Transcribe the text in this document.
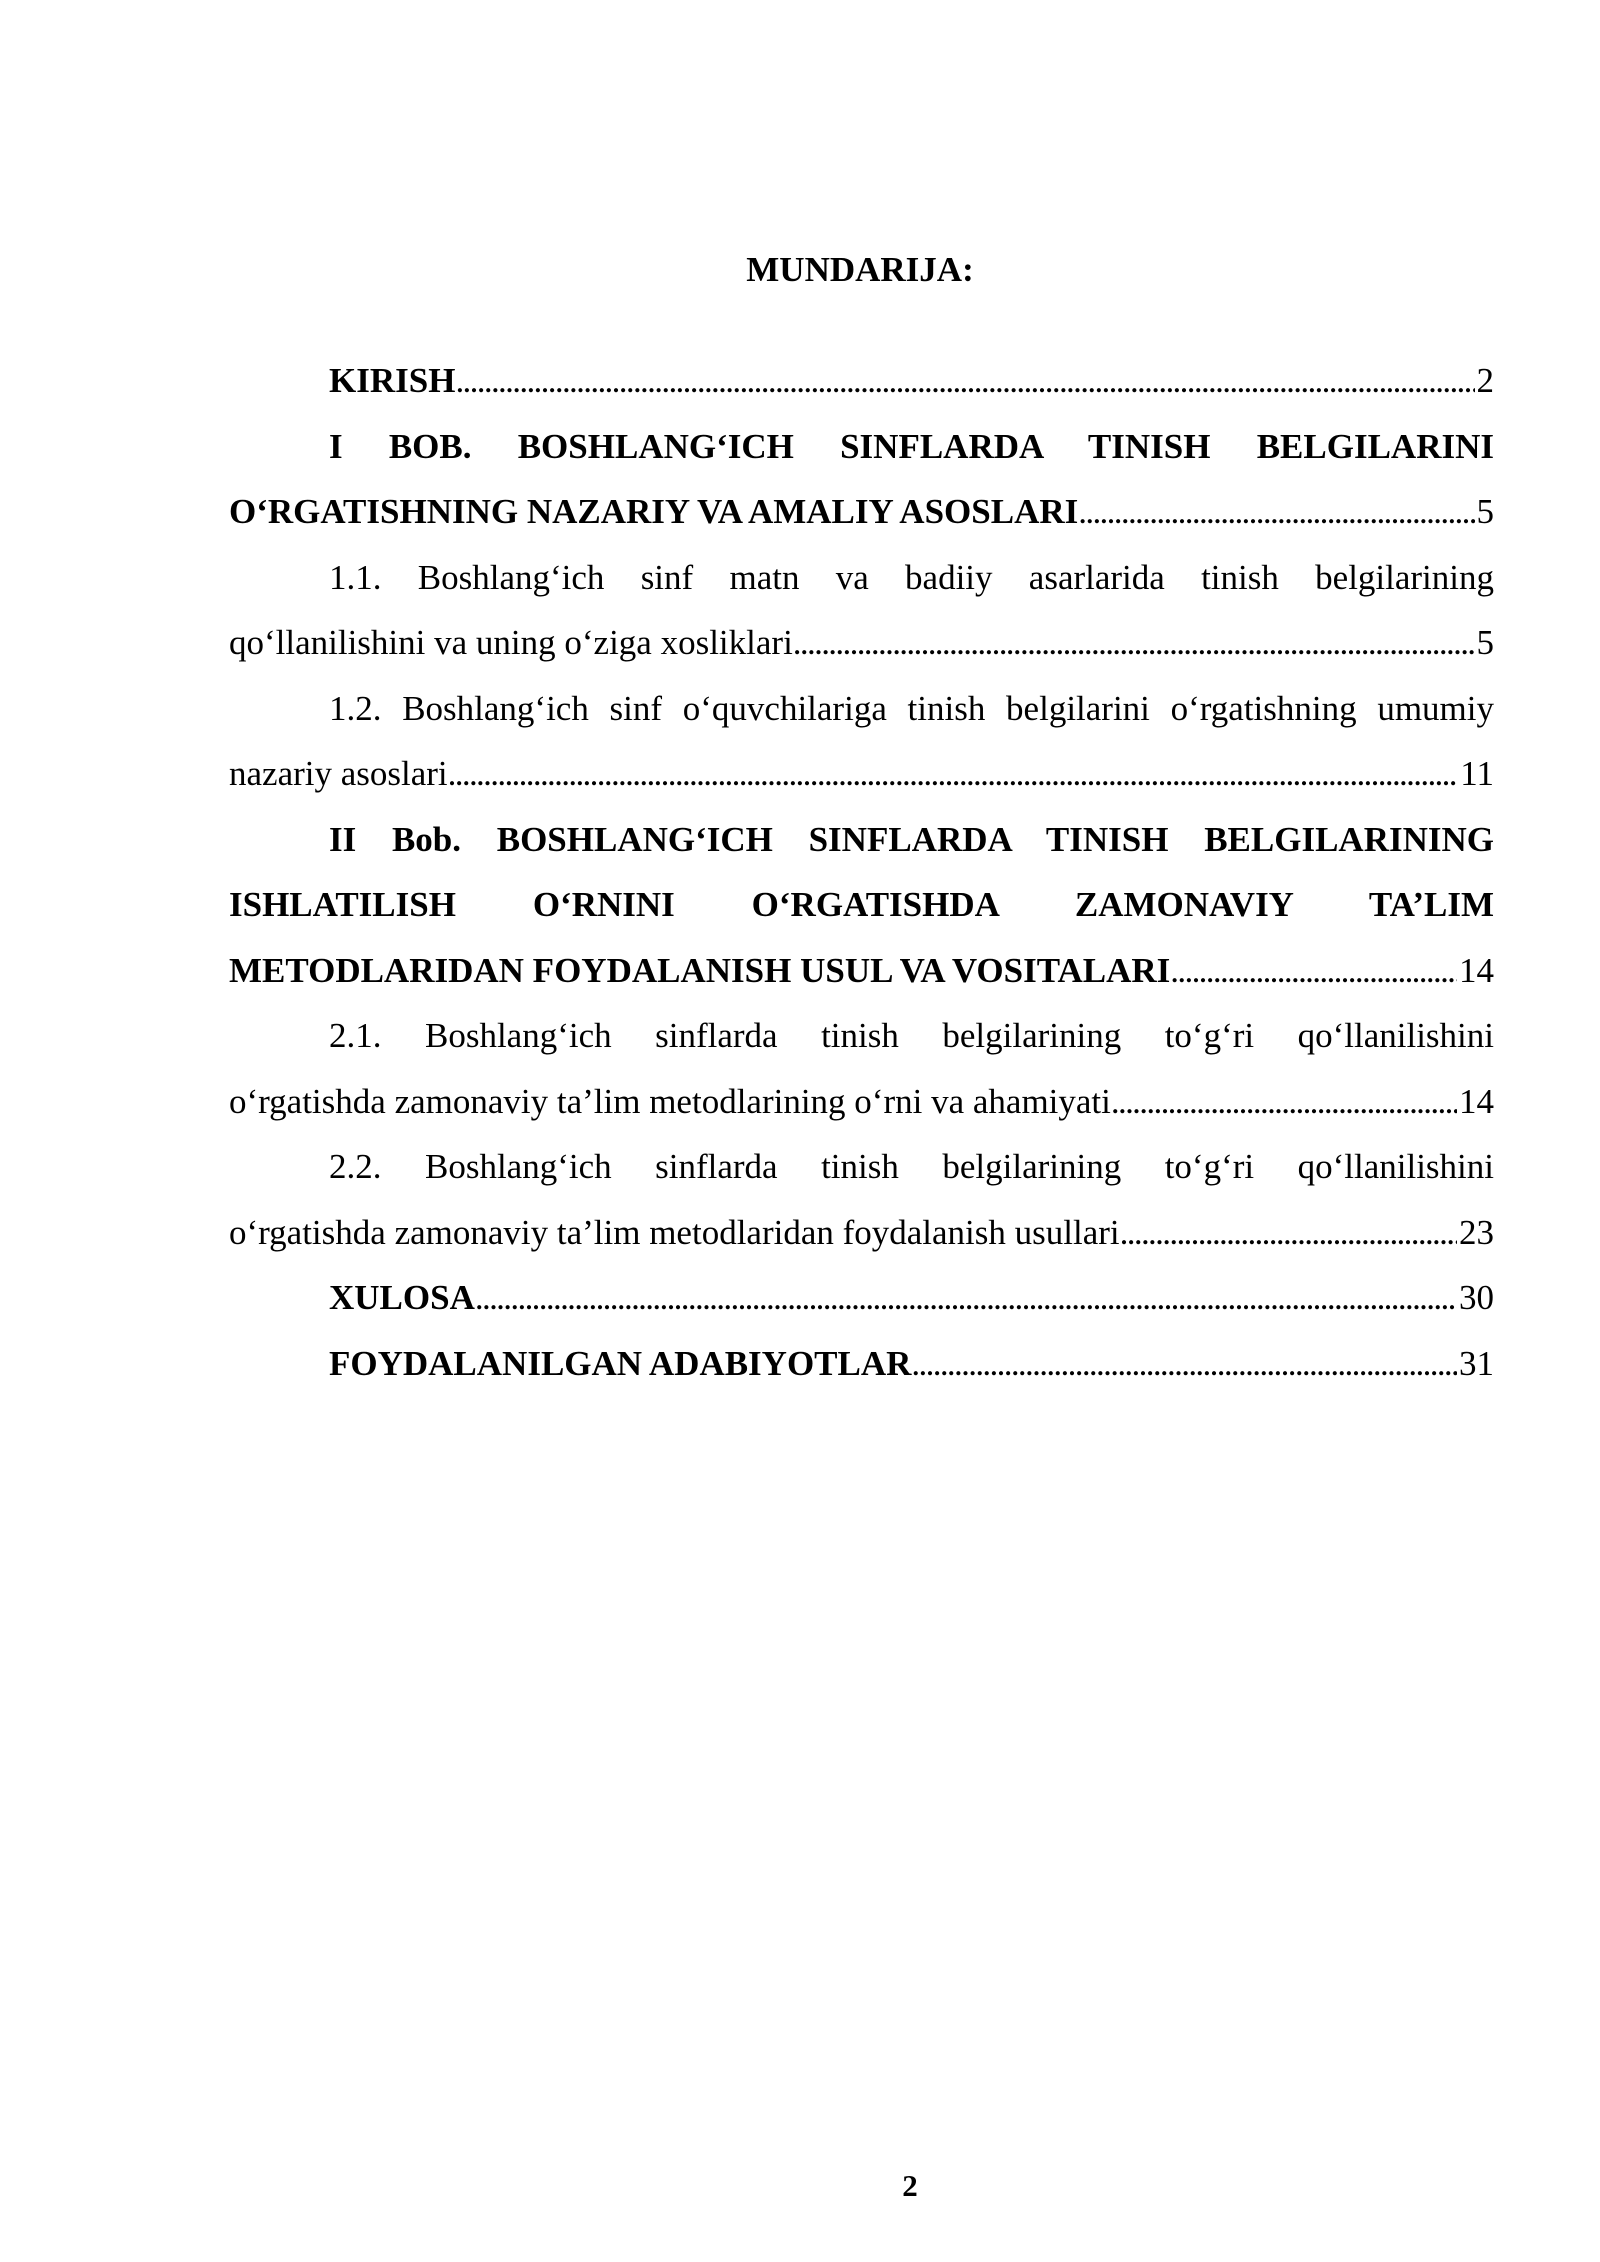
MUNDARIJA:
KIRISH . . .	2
I BOB. BOSHLANG‘ICH SINFLARDA TINISH BELGILARINI
O‘RGATISHNING NAZARIY VA AMALIY ASOSLARI . . .	5
1.1. Boshlang‘ich sinf matn va badiiy asarlarida tinish belgilarining
qo‘llanilishini va uning o‘ziga xosliklari . . .	5
1.2. Boshlang‘ich sinf o‘quvchilariga tinish belgilarini o‘rgatishning umumiy
nazariy asoslari . . .	11
II Bob. BOSHLANG‘ICH SINFLARDA TINISH BELGILARINING
ISHLATILISH O‘RNINI O‘RGATISHDA ZAMONAVIY TA’LIM
METODLARIDAN FOYDALANISH USUL VA VOSITALARI . . .	14
2.1. Boshlang‘ich sinflarda tinish belgilarining to‘g‘ri qo‘llanilishini
o‘rgatishda zamonaviy ta’lim metodlarining o‘rni va ahamiyati . . .	14
2.2. Boshlang‘ich sinflarda tinish belgilarining to‘g‘ri qo‘llanilishini
o‘rgatishda zamonaviy ta’lim metodlaridan foydalanish usullari . . .	23
XULOSA . . .	30
FOYDALANILGAN ADABIYOTLAR . . .	31
2
